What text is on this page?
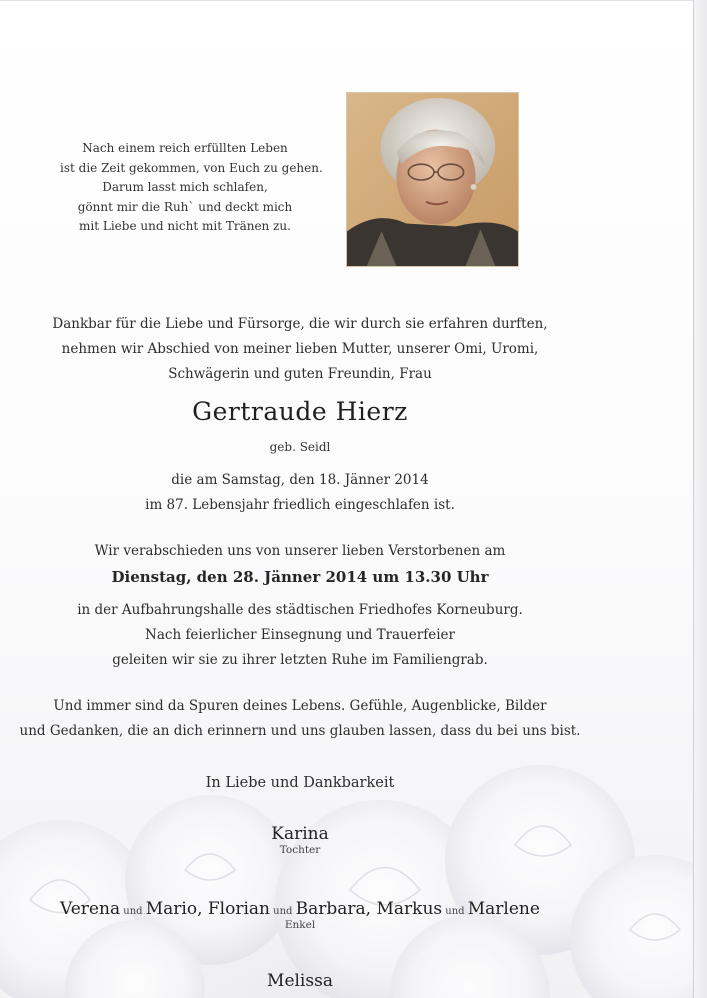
Nach einem reich erfüllten Leben
ist die Zeit gekommen, von Euch zu gehen.
Darum lasst mich schlafen,
gönnt mir die Ruh` und deckt mich
mit Liebe und nicht mit Tränen zu.
Dankbar für die Liebe und Fürsorge, die wir durch sie erfahren durften,
nehmen wir Abschied von meiner lieben Mutter, unserer Omi, Uromi,
Schwägerin und guten Freundin, Frau
Gertraude Hierz
geb. Seidl
die am Samstag, den 18. Jänner 2014
im 87. Lebensjahr friedlich eingeschlafen ist.
Wir verabschieden uns von unserer lieben Verstorbenen am
Dienstag, den 28. Jänner 2014 um 13.30 Uhr
in der Aufbahrungshalle des städtischen Friedhofes Korneuburg.
Nach feierlicher Einsegnung und Trauerfeier
geleiten wir sie zu ihrer letzten Ruhe im Familiengrab.
Und immer sind da Spuren deines Lebens. Gefühle, Augenblicke, Bilder
und Gedanken, die an dich erinnern und uns glauben lassen, dass du bei uns bist.
In Liebe und Dankbarkeit
Karina
Tochter
Verena und Mario, Florian und Barbara, Markus und Marlene
Enkel
Melissa
